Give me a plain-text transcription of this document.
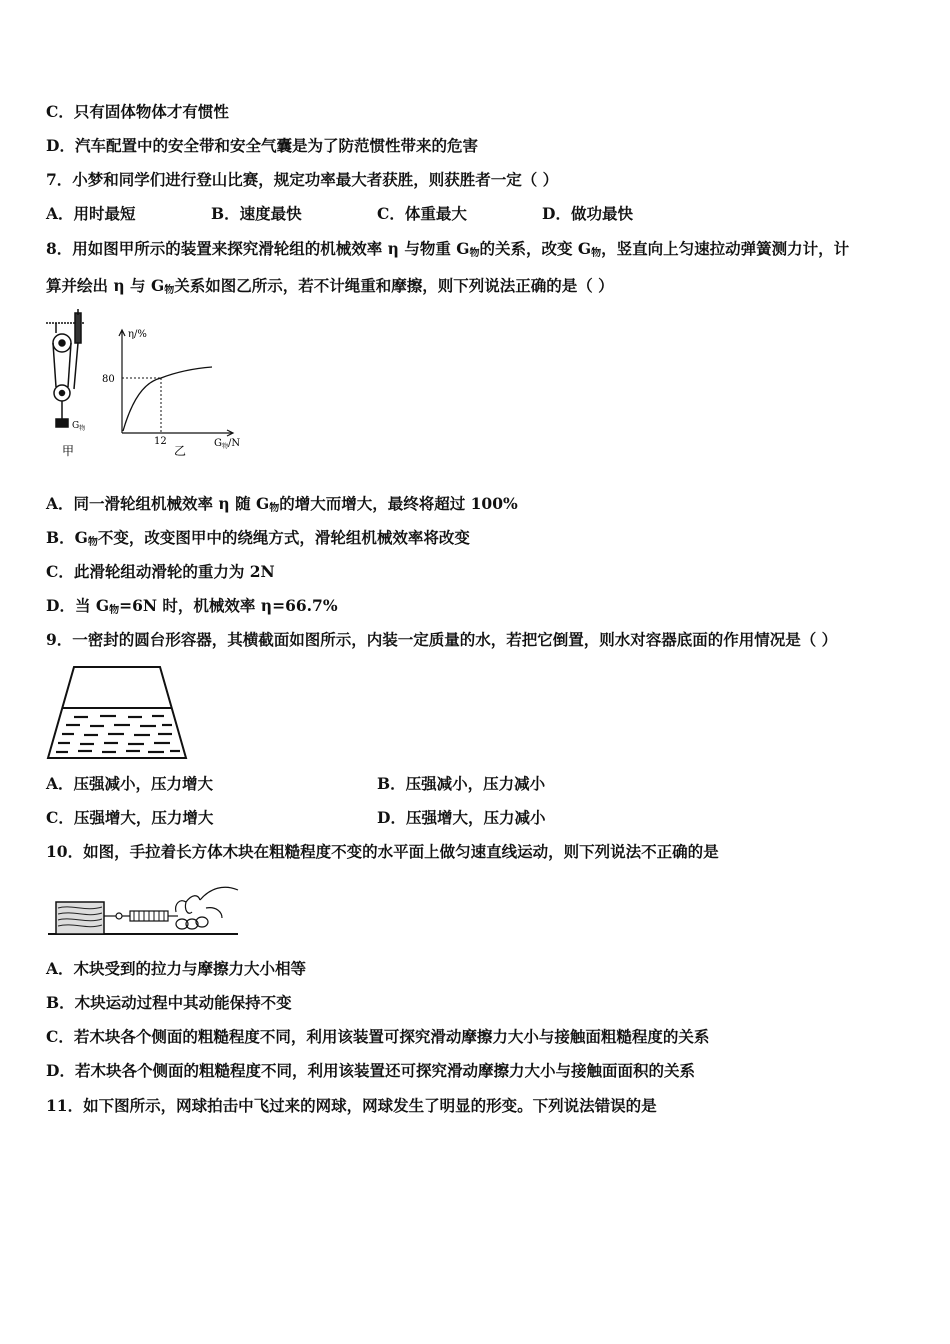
C．只有固体物体才有惯性
D．汽车配置中的安全带和安全气囊是为了防范惯性带来的危害
7．小梦和同学们进行登山比赛，规定功率最大者获胜，则获胜者一定（ ）
A．用时最短	B．速度最快	C．体重最大	D．做功最快
8．用如图甲所示的装置来探究滑轮组的机械效率 η 与物重 $G_物$的关系，改变 $G_物$，竖直向上匀速拉动弹簧测力计，计
算并绘出 η 与 $G_物$关系如图乙所示，若不计绳重和摩擦，则下列说法正确的是（ ）
$G_物$
甲
η/%
80
12
乙
$G_物/N$
A．同一滑轮组机械效率 η 随 $G_物$的增大而增大，最终将超过 100%
B．$G_物$不变，改变图甲中的绕绳方式，滑轮组机械效率将改变
C．此滑轮组动滑轮的重力为 2N
D．当 $G_物=6N$ 时，机械效率 η=66.7%
9．一密封的圆台形容器，其横截面如图所示，内装一定质量的水，若把它倒置，则水对容器底面的作用情况是（ ）
A．压强减小，压力增大	B．压强减小，压力减小
C．压强增大，压力增大	D．压强增大，压力减小
10．如图，手拉着长方体木块在粗糙程度不变的水平面上做匀速直线运动，则下列说法不正确的是
A．木块受到的拉力与摩擦力大小相等
B．木块运动过程中其动能保持不变
C．若木块各个侧面的粗糙程度不同，利用该装置可探究滑动摩擦力大小与接触面粗糙程度的关系
D．若木块各个侧面的粗糙程度不同，利用该装置还可探究滑动摩擦力大小与接触面面积的关系
11．如下图所示，网球拍击中飞过来的网球，网球发生了明显的形变。下列说法错误的是
